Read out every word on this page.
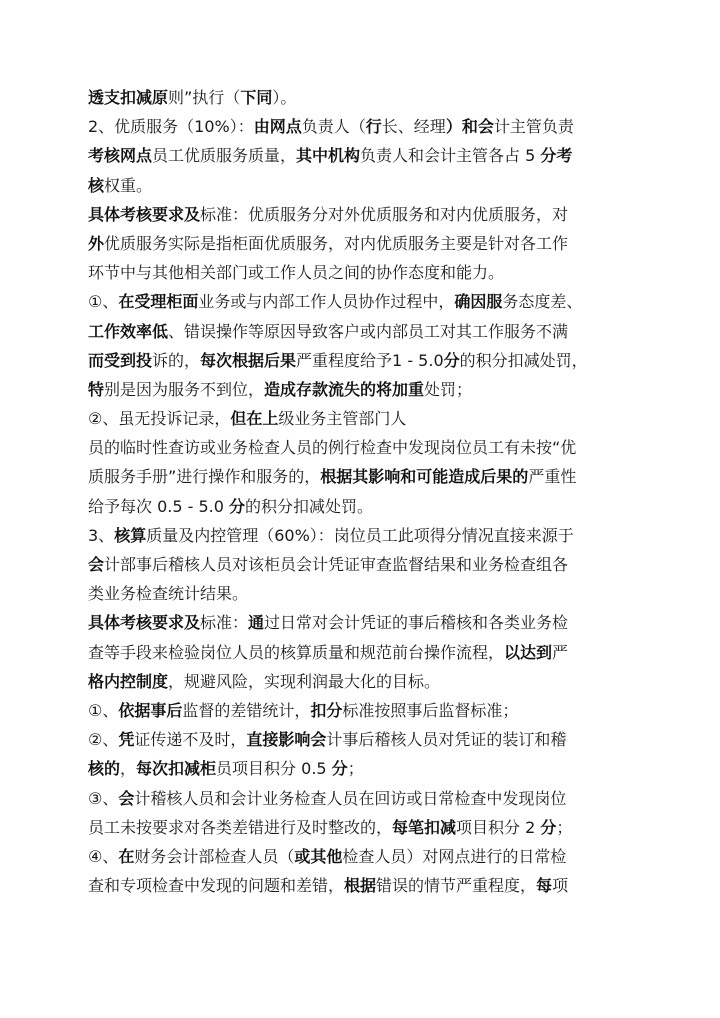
透支扣减原则”执行（下同）。
2、优质服务（10%）：由网点负责人（行长、经理）和会计主管负责
考核网点员工优质服务质量，其中机构负责人和会计主管各占 5 分考
核权重。
具体考核要求及标准：优质服务分对外优质服务和对内优质服务，对
外优质服务实际是指柜面优质服务，对内优质服务主要是针对各工作
环节中与其他相关部门或工作人员之间的协作态度和能力。
①、在受理柜面业务或与内部工作人员协作过程中，确因服务态度差、
工作效率低、错误操作等原因导致客户或内部员工对其工作服务不满
而受到投诉的，每次根据后果严重程度给予1 - 5.0分的积分扣减处罚，
特别是因为服务不到位，造成存款流失的将加重处罚；
②、虽无投诉记录，但在上级业务主管部门人
员的临时性查访或业务检查人员的例行检查中发现岗位员工有未按“优
质服务手册”进行操作和服务的，根据其影响和可能造成后果的严重性
给予每次 0.5 - 5.0 分的积分扣减处罚。
3、核算质量及内控管理（60%）：岗位员工此项得分情况直接来源于
会计部事后稽核人员对该柜员会计凭证审查监督结果和业务检查组各
类业务检查统计结果。
具体考核要求及标准：通过日常对会计凭证的事后稽核和各类业务检
查等手段来检验岗位人员的核算质量和规范前台操作流程，以达到严
格内控制度，规避风险，实现利润最大化的目标。
①、依据事后监督的差错统计，扣分标准按照事后监督标准；
②、凭证传递不及时，直接影响会计事后稽核人员对凭证的装订和稽
核的，每次扣减柜员项目积分 0.5 分；
③、会计稽核人员和会计业务检查人员在回访或日常检查中发现岗位
员工未按要求对各类差错进行及时整改的，每笔扣减项目积分 2 分；
④、在财务会计部检查人员（或其他检查人员）对网点进行的日常检
查和专项检查中发现的问题和差错，根据错误的情节严重程度，每项
